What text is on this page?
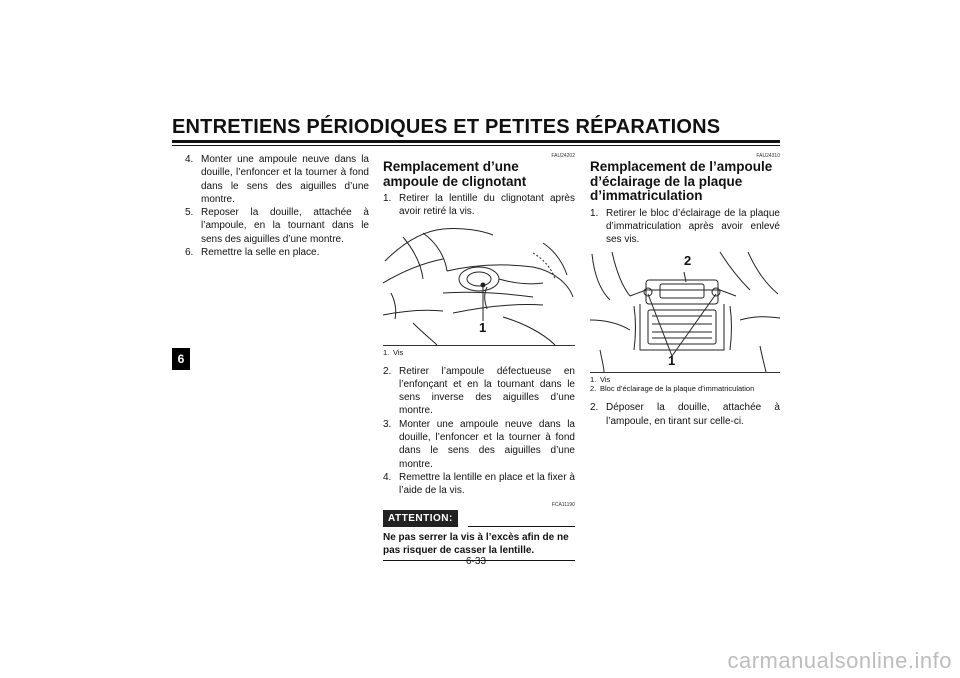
ENTRETIENS PÉRIODIQUES ET PETITES RÉPARATIONS
6

4. Monter une ampoule neuve dans la douille, l’enfoncer et la tourner à fond dans le sens des aiguilles d’une montre.

5. Reposer la douille, attachée à l’ampoule, en la tournant dans le sens des aiguilles d’une montre.

6. Remettre la selle en place.

FAU24202
Remplacement d’une ampoule de clignotant

1. Retirer la lentille du clignotant après avoir retiré la vis.

1
1. Vis

2. Retirer l’ampoule défectueuse en l’enfonçant et en la tournant dans le sens inverse des aiguilles d’une montre.

3. Monter une ampoule neuve dans la douille, l’enfoncer et la tourner à fond dans le sens des aiguilles d’une montre.

4. Remettre la lentille en place et la fixer à l’aide de la vis.

FCA11190
ATTENTION:
Ne pas serrer la vis à l’excès afin de ne pas risquer de casser la lentille.
FAU24310
Remplacement de l’ampoule d’éclairage de la plaque d’immatriculation

1. Retirer le bloc d’éclairage de la plaque d’immatriculation après avoir enlevé ses vis.

2
1
1. Vis
2. Bloc d’éclairage de la plaque d’immatriculation

2. Déposer la douille, attachée à l’ampoule, en tirant sur celle-ci.

6-33
carmanualsonline.info
